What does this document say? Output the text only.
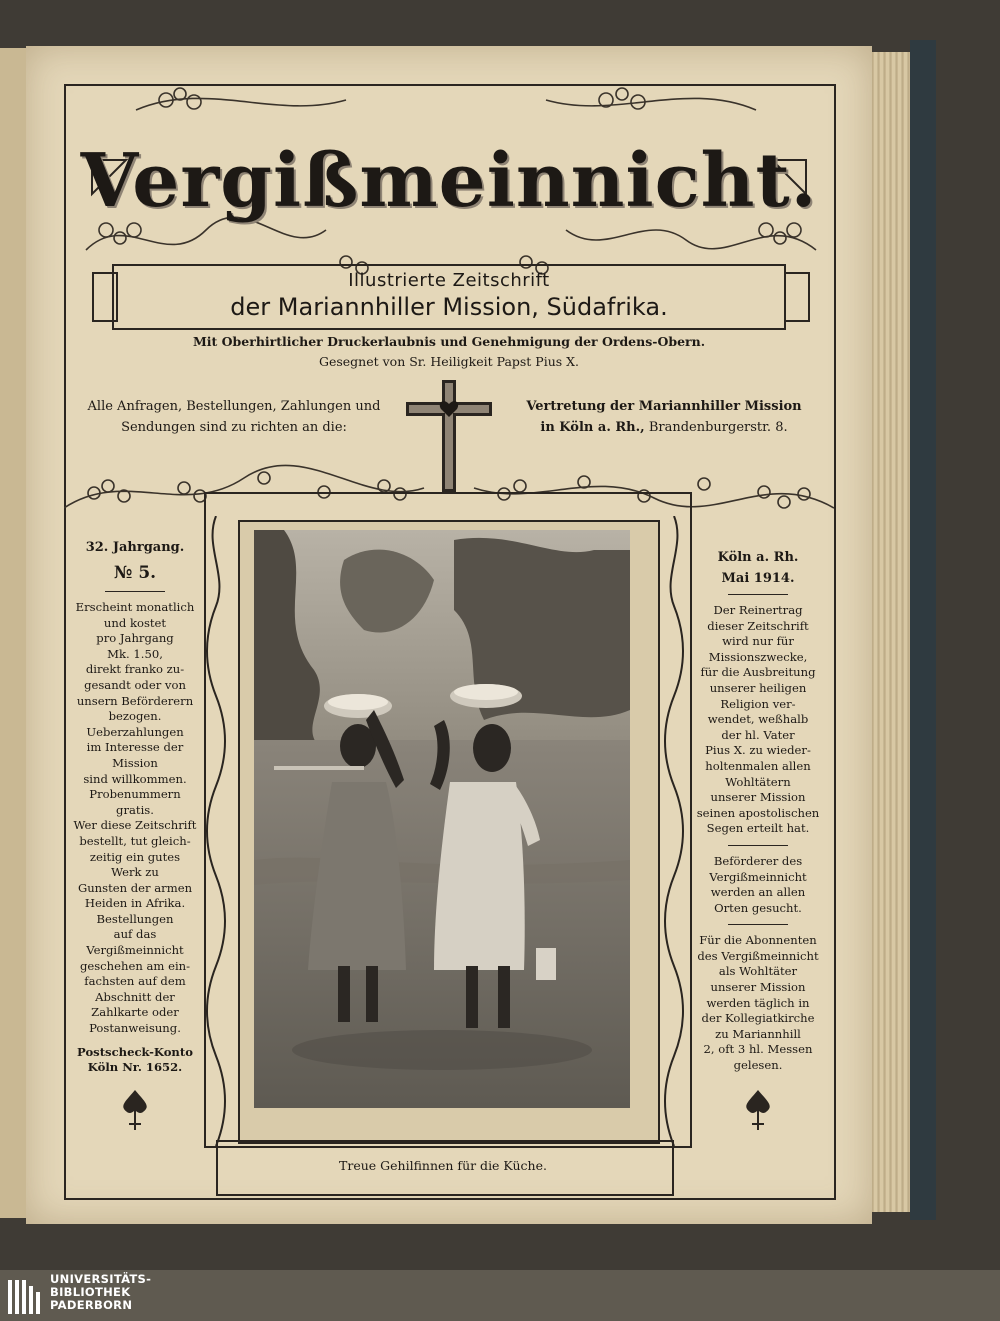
Vergißmeinnicht.
Illustrierte Zeitschrift
der Mariannhiller Mission, Südafrika.
Mit Oberhirtlicher Druckerlaubnis und Genehmigung der Ordens-Obern.
Gesegnet von Sr. Heiligkeit Papst Pius X.
Alle Anfragen, Bestellungen, Zahlungen und
Sendungen sind zu richten an die:
Vertretung der Mariannhiller Mission
in Köln a. Rh., Brandenburgerstr. 8.
32. Jahrgang.
№ 5.
Erscheint monatlich
und kostet
pro Jahrgang
Mk. 1.50,
direkt franko zu-
gesandt oder von
unsern Beförderern
bezogen.
Ueberzahlungen
im Interesse der
Mission
sind willkommen.
Probenummern
gratis.
Wer diese Zeitschrift
bestellt, tut gleich-
zeitig ein gutes
Werk zu
Gunsten der armen
Heiden in Afrika.
Bestellungen
auf das
Vergißmeinnicht
geschehen am ein-
fachsten auf dem
Abschnitt der
Zahlkarte oder
Postanweisung.
Postscheck-Konto
Köln Nr. 1652.
Köln a. Rh.
Mai 1914.
Der Reinertrag
dieser Zeitschrift
wird nur für
Missionszwecke,
für die Ausbreitung
unserer heiligen
Religion ver-
wendet, weßhalb
der hl. Vater
Pius X. zu wieder-
holtenmalen allen
Wohltätern
unserer Mission
seinen apostolischen
Segen erteilt hat.
Beförderer des
Vergißmeinnicht
werden an allen
Orten gesucht.
Für die Abonnenten
des Vergißmeinnicht
als Wohltäter
unserer Mission
werden täglich in
der Kollegiatkirche
zu Mariannhill
2, oft 3 hl. Messen
gelesen.
Treue Gehilfinnen für die Küche.
UNIVERSITÄTS-
BIBLIOTHEK
PADERBORN
